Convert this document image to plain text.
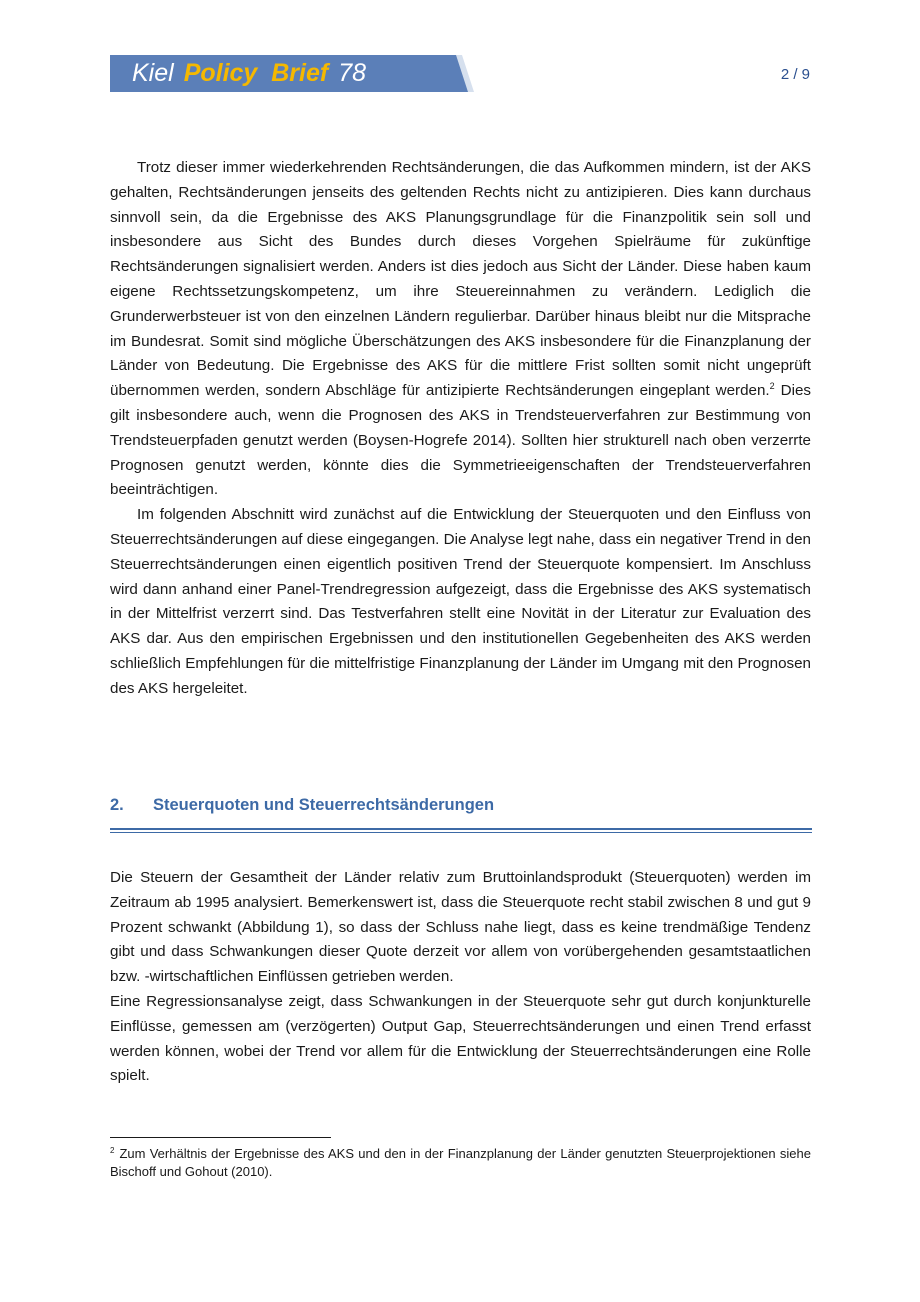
Kiel Policy  Brief 78	2 / 9

Trotz dieser immer wiederkehrenden Rechtsänderungen, die das Aufkommen mindern, ist der AKS gehalten, Rechtsänderungen jenseits des geltenden Rechts nicht zu antizipieren. Dies kann durchaus sinnvoll sein, da die Ergebnisse des AKS Planungsgrundlage für die Finanzpolitik sein soll und insbesondere aus Sicht des Bundes durch dieses Vorgehen Spielräume für zukünftige Rechtsänderungen signalisiert werden. Anders ist dies jedoch aus Sicht der Länder. Diese haben kaum eigene Rechtssetzungskompetenz, um ihre Steuereinnahmen zu verändern. Lediglich die Grunderwerbsteuer ist von den einzelnen Ländern regulierbar. Darüber hinaus bleibt nur die Mitsprache im Bundesrat. Somit sind mögliche Überschätzungen des AKS insbesondere für die Finanzplanung der Länder von Bedeutung. Die Ergebnisse des AKS für die mittlere Frist sollten somit nicht ungeprüft übernommen werden, sondern Abschläge für antizipierte Rechtsänderungen eingeplant werden.$^2$ Dies gilt insbesondere auch, wenn die Prognosen des AKS in Trendsteuerverfahren zur Bestimmung von Trendsteuerpfaden genutzt werden (Boysen-Hogrefe 2014). Sollten hier strukturell nach oben verzerrte Prognosen genutzt werden, könnte dies die Symmetrieeigenschaften der Trendsteuerverfahren beeinträchtigen.

Im folgenden Abschnitt wird zunächst auf die Entwicklung der Steuerquoten und den Einfluss von Steuerrechtsänderungen auf diese eingegangen. Die Analyse legt nahe, dass ein negativer Trend in den Steuerrechtsänderungen einen eigentlich positiven Trend der Steuerquote kompensiert. Im Anschluss wird dann anhand einer Panel-Trendregression aufgezeigt, dass die Ergebnisse des AKS systematisch in der Mittelfrist verzerrt sind. Das Testverfahren stellt eine Novität in der Literatur zur Evaluation des AKS dar. Aus den empirischen Ergebnissen und den institutionellen Gegebenheiten des AKS werden schließlich Empfehlungen für die mittelfristige Finanzplanung der Länder im Umgang mit den Prognosen des AKS hergeleitet.

2. Steuerquoten und Steuerrechtsänderungen

Die Steuern der Gesamtheit der Länder relativ zum Bruttoinlandsprodukt (Steuerquoten) werden im Zeitraum ab 1995 analysiert. Bemerkenswert ist, dass die Steuerquote recht stabil zwischen 8 und gut 9 Prozent schwankt (Abbildung 1), so dass der Schluss nahe liegt, dass es keine trendmäßige Tendenz gibt und dass Schwankungen dieser Quote derzeit vor allem von vorübergehenden gesamtstaatlichen bzw. -wirtschaftlichen Einflüssen getrieben werden.

Eine Regressionsanalyse zeigt, dass Schwankungen in der Steuerquote sehr gut durch konjunkturelle Einflüsse, gemessen am (verzögerten) Output Gap, Steuerrechtsänderungen und einen Trend erfasst werden können, wobei der Trend vor allem für die Entwicklung der Steuerrechtsänderungen eine Rolle spielt.

$^2$ Zum Verhältnis der Ergebnisse des AKS und den in der Finanzplanung der Länder genutzten Steuerprojektionen siehe Bischoff und Gohout (2010).
